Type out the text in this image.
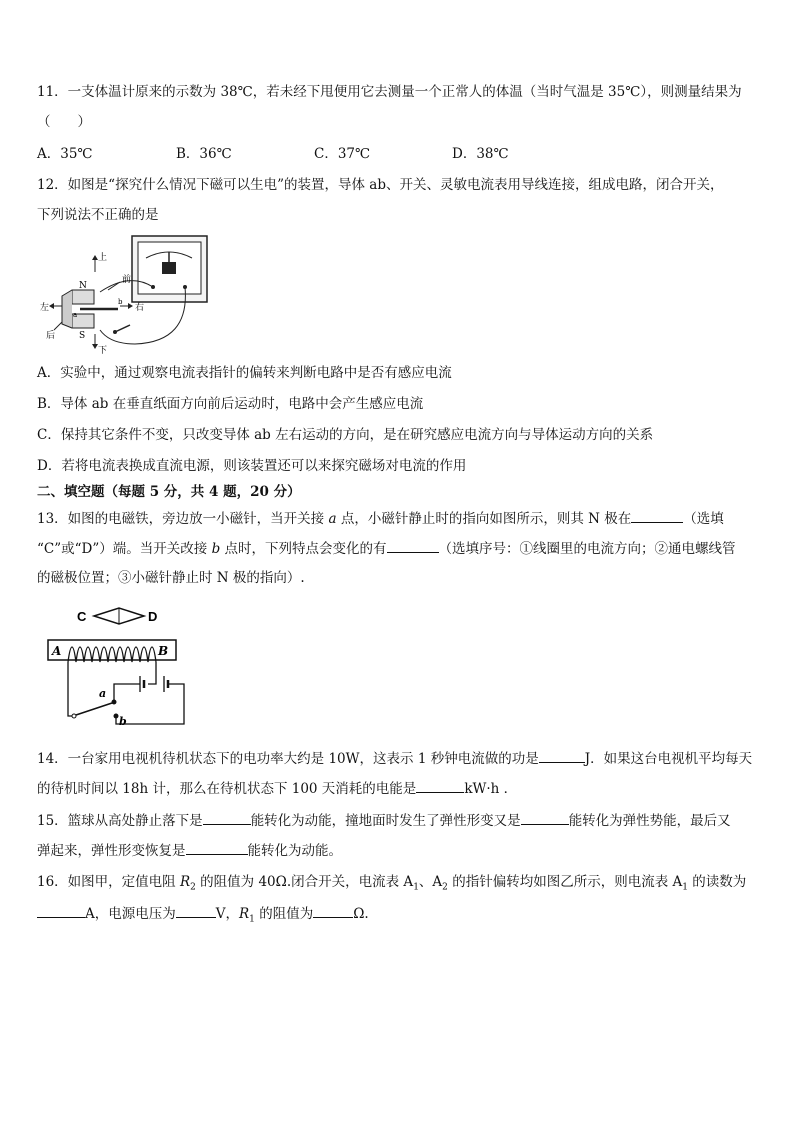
11．一支体温计原来的示数为 38℃，若未经下甩便用它去测量一个正常人的体温（当时气温是 35℃），则测量结果为
（　　）
A．35℃	B．36℃	C．37℃	D．38℃
12．如图是“探究什么情况下磁可以生电”的装置，导体 ab、开关、灵敏电流表用导线连接，组成电路，闭合开关，
下列说法不正确的是
上
前
N
左	右
后	S
下
a
b
A．实验中，通过观察电流表指针的偏转来判断电路中是否有感应电流
B．导体 ab 在垂直纸面方向前后运动时，电路中会产生感应电流
C．保持其它条件不变，只改变导体 ab 左右运动的方向，是在研究感应电流方向与导体运动方向的关系
D．若将电流表换成直流电源，则该装置还可以来探究磁场对电流的作用
二、填空题（每题 5 分，共 4 题，20 分）
13．如图的电磁铁，旁边放一小磁针，当开关接 a 点，小磁针静止时的指向如图所示，则其 N 极在	（选填
“C”或“D”）端。当开关改接 b 点时，下列特点会变化的有	（选填序号：①线圈里的电流方向；②通电螺线管
的磁极位置；③小磁针静止时 N 极的指向）.
C	D
A	B
a
b
14．一台家用电视机待机状态下的电功率大约是 10W，这表示 1 秒钟电流做的功是	J．如果这台电视机平均每天
的待机时间以 18h 计，那么在待机状态下 100 天消耗的电能是	kW·h ．
15．篮球从高处静止落下是	能转化为动能，撞地面时发生了弹性形变又是	能转化为弹性势能，最后又
弹起来，弹性形变恢复是	能转化为动能。
16．如图甲，定值电阻 $R_2$ 的阻值为 40Ω.闭合开关，电流表 $A_1$、$A_2$ 的指针偏转均如图乙所示，则电流表 $A_1$ 的读数为
A，电源电压为	V，$R_1$ 的阻值为	Ω.
